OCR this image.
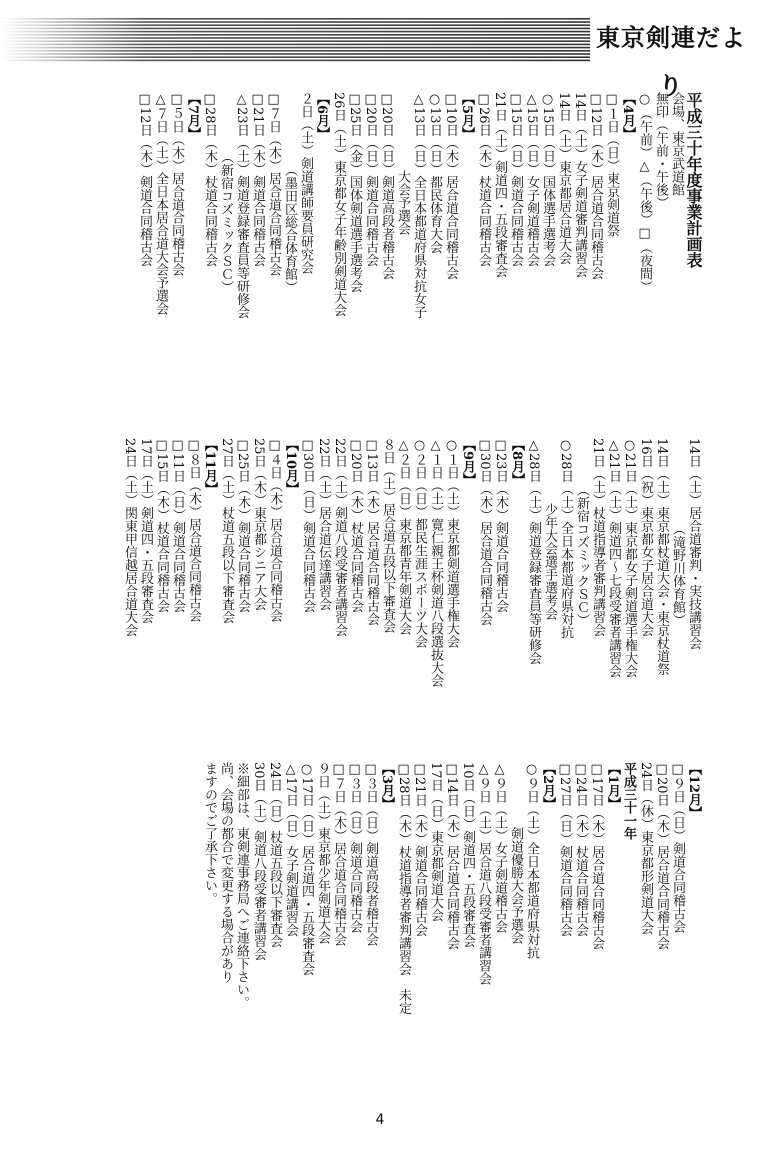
東京剣連だより
平成三十年度事業計画表
会場、東京武道館
無印（午前・午後）
○（午前）△（午後）□（夜間）
【4月】
□１日（日）東京剣道祭
□12日（木）居合道合同稽古会
14日（土）女子剣道審判講習会
14日（土）東京都居合道大会
○15日（日）国体選手選考会
△15日（日）女子剣道稽古会
□15日（日）剣道合同稽古会
21日（土）剣道四・五段審査会
□26日（木）杖道合同稽古会
【5月】
□10日（木）居合道合同稽古会
○13日（日）都民体育大会
△13日（日）全日本都道府県対抗女子
　　　　　　大会予選会
□20日（日）剣道高段者稽古会
□20日（日）剣道合同稽古会
□25日（金）国体剣道選手選考会
26日（土）東京都女子年齢別剣道大会
【6月】
２日（土）剣道講師要員研究会
　　　　　　（墨田区総合体育館）
□７日（木）居合道合同稽古会
□21日（木）剣道合同稽古会
△23日（土）剣道登録審査員等研修会
　　　　　（新宿コズミックＳＣ）
□28日（木）杖道合同稽古会
【7月】
□５日（木）居合道合同稽古会
△７日（土）全日本居合道大会予選会
□12日（木）剣道合同稽古会
14日（土）居合道審判・実技講習会
　　　　　　　（滝野川体育館）
14日（土）東京都杖道大会・東京杖道祭
16日（祝）東京都女子居合道大会
○21日（土）東京都女子剣道選手権大会
△21日（土）剣道四～七段受審者講習会
21日（土）杖道指導者審判講習会
　　　　（新宿コズミックＳＣ）
○28日（土）全日本都道府県対抗
　　　　　少年大会選手選考会
△28日（土）剣道登録審査員等研修会
【8月】
□23日（木）剣道合同稽古会
□30日（木）居合道合同稽古会
【9月】
○１日（土）東京都剣道選手権大会
△１日（土）寛仁親王杯剣道八段選抜大会
○２日（日）都民生涯スポーツ大会
△２日（日）東京都青年剣道大会
８日（土）居合道五段以下審査会
□13日（木）居合道合同稽古会
□20日（木）杖道合同稽古会
22日（土）剣道八段受審者講習会
22日（土）居合道伝達講習会
□30日（日）剣道合同稽古会
【10月】
□４日（木）居合道合同稽古会
25日（木）東京都シニア大会
□25日（木）剣道合同稽古会
27日（土）杖道五段以下審査会
【11月】
□８日（木）居合道合同稽古会
□11日（日）剣道合同稽古会
□15日（木）杖道合同稽古会
17日（土）剣道四・五段審査会
24日（土）関東甲信越居合道大会
【12月】
□９日（日）剣道合同稽古会
□20日（木）居合道合同稽古会
24日（休）東京都形剣道大会
平成三十一年
【1月】
□17日（木）居合道合同稽古会
□24日（木）杖道合同稽古会
□27日（日）剣道合同稽古会
【2月】
○９日（土）全日本都道府県対抗
　　　　　剣道優勝大会予選会
△９日（土）女子剣道稽古会
△９日（土）居合道八段受審者講習会
10日（日）剣道四・五段審査会
□14日（木）居合道合同稽古会
17日（日）東京都剣道大会
□21日（木）剣道合同稽古会
□28日（木）杖道指導者審判講習会　未定
【3月】
□３日（日）剣道高段者稽古会
□３日（日）剣道合同稽古会
□７日（木）居合道合同稽古会
９日（土）東京都少年剣道大会
○17日（日）居合道四・五段審査会
△17日（日）女子剣道講習会
24日（日）杖道五段以下審査会
30日（土）剣道八段受審者講習会
※細部は、東剣連事務局へご連絡下さい。
尚、会場の都合で変更する場合があり
ますのでご了承下さい。
4
